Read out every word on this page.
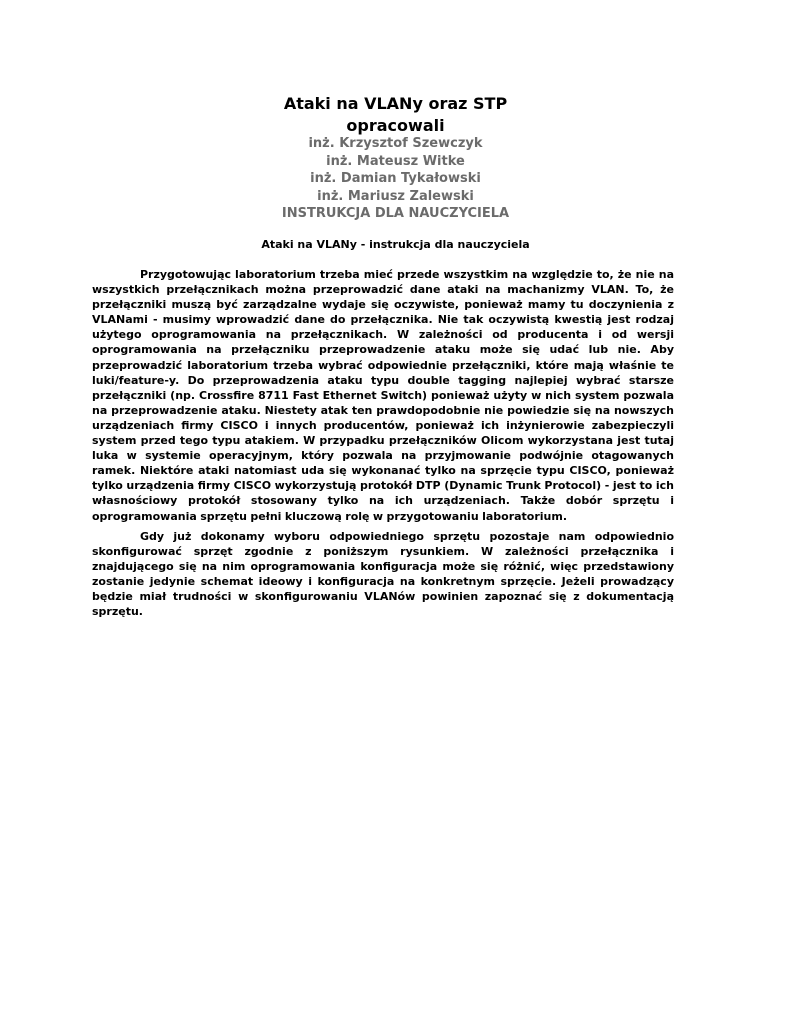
Ataki na VLANy oraz STP
opracowali
inż. Krzysztof Szewczyk
inż. Mateusz Witke
inż. Damian Tykałowski
inż. Mariusz Zalewski
INSTRUKCJA DLA NAUCZYCIELA
Ataki na VLANy - instrukcja dla nauczyciela

Przygotowując laboratorium trzeba mieć przede wszystkim na względzie to, że nie na wszystkich przełącznikach można przeprowadzić dane ataki na machanizmy VLAN. To, że przełączniki muszą być zarządzalne wydaje się oczywiste, ponieważ mamy tu doczynienia z VLANami - musimy wprowadzić dane do przełącznika. Nie tak oczywistą kwestią jest rodzaj użytego oprogramowania na przełącznikach. W zależności od producenta i od wersji oprogramowania na przełączniku przeprowadzenie ataku może się udać lub nie. Aby przeprowadzić laboratorium trzeba wybrać odpowiednie przełączniki, które mają właśnie te luki/feature-y. Do przeprowadzenia ataku typu double tagging najlepiej wybrać starsze przełączniki (np. Crossfire 8711 Fast Ethernet Switch) ponieważ użyty w nich system pozwala na przeprowadzenie ataku. Niestety atak ten prawdopodobnie nie powiedzie się na nowszych urządzeniach firmy CISCO i innych producentów, ponieważ ich inżynierowie zabezpieczyli system przed tego typu atakiem. W przypadku przełączników Olicom wykorzystana jest tutaj luka w systemie operacyjnym, który pozwala na przyjmowanie podwójnie otagowanych ramek. Niektóre ataki natomiast uda się wykonanać tylko na sprzęcie typu CISCO, ponieważ tylko urządzenia firmy CISCO wykorzystują protokół DTP (Dynamic Trunk Protocol) - jest to ich własnościowy protokół stosowany tylko na ich urządzeniach. Także dobór sprzętu i oprogramowania sprzętu pełni kluczową rolę w przygotowaniu laboratorium.

Gdy już dokonamy wyboru odpowiedniego sprzętu pozostaje nam odpowiednio skonfigurować sprzęt zgodnie z poniższym rysunkiem. W zależności przełącznika i znajdującego się na nim oprogramowania konfiguracja może się różnić, więc przedstawiony zostanie jedynie schemat ideowy i konfiguracja na konkretnym sprzęcie. Jeżeli prowadzący będzie miał trudności w skonfigurowaniu VLANów powinien zapoznać się z dokumentacją sprzętu.
